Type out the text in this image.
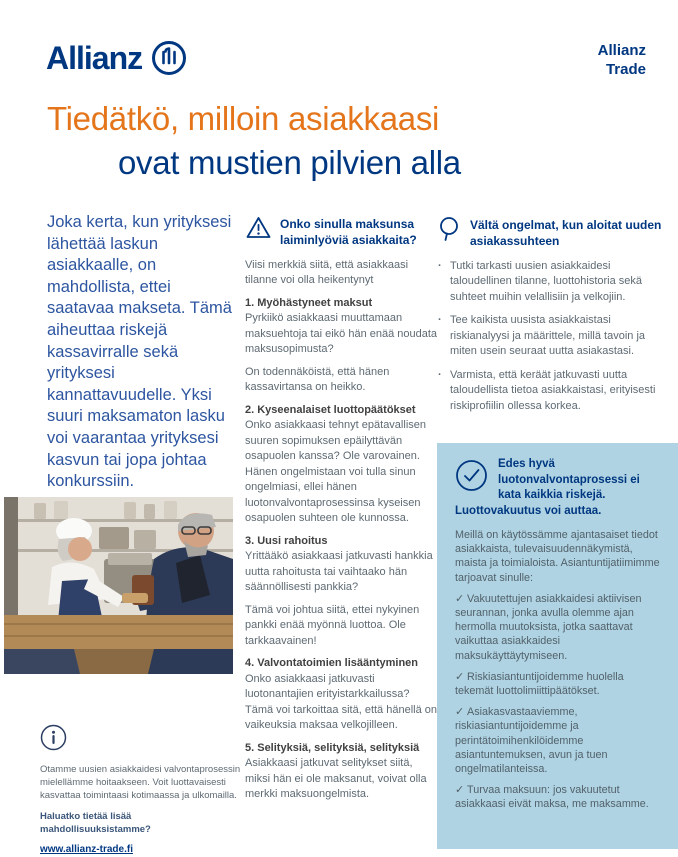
Allianz	Allianz
Trade
Tiedätkö, milloin asiakkaasi
ovat mustien pilvien alla
Joka kerta, kun yrityksesi lähettää laskun asiakkaalle, on mahdollista, ettei saatavaa makseta. Tämä aiheuttaa riskejä kassavirralle sekä yrityksesi kannattavuudelle. Yksi suuri maksamaton lasku voi vaarantaa yrityksesi kasvun tai jopa johtaa konkurssiin.

Otamme uusien asiakkaidesi valvontaprosessin mielellämme hoitaakseen. Voit luottavaisesti kasvattaa toimintaasi kotimaassa ja ulkomailla.

Haluatko tietää lisää mahdollisuuksistamme?

www.allianz-trade.fi
Onko sinulla maksunsa laiminlyöviä asiakkaita?

Viisi merkkiä siitä, että asiakkaasi tilanne voi olla heikentynyt

1. Myöhästyneet maksut

Pyrkiikö asiakkaasi muuttamaan maksuehtoja tai eikö hän enää noudata maksusopimusta?

On todennäköistä, että hänen kassavirtansa on heikko.

2. Kyseenalaiset luottopäätökset

Onko asiakkaasi tehnyt epätavallisen suuren sopimuksen epäilyttävän osapuolen kanssa? Ole varovainen. Hänen ongelmistaan voi tulla sinun ongelmiasi, ellei hänen luotonvalvontaprosessinsa kyseisen osapuolen suhteen ole kunnossa.

3. Uusi rahoitus

Yrittääkö asiakkaasi jatkuvasti hankkia uutta rahoitusta tai vaihtaako hän säännöllisesti pankkia?

Tämä voi johtua siitä, ettei nykyinen pankki enää myönnä luottoa. Ole tarkkaavainen!

4. Valvontatoimien lisääntyminen

Onko asiakkaasi jatkuvasti luotonantajien erityistarkkailussa? Tämä voi tarkoittaa sitä, että hänellä on vaikeuksia maksaa velkojilleen.

5. Selityksiä, selityksiä, selityksiä

Asiakkaasi jatkuvat selitykset siitä, miksi hän ei ole maksanut, voivat olla merkki maksuongelmista.

Vältä ongelmat, kun aloitat uuden asiakassuhteen
· Tutki tarkasti uusien asiakkaidesi taloudellinen tilanne, luottohistoria sekä suhteet muihin velallisiin ja velkojiin.
· Tee kaikista uusista asiakkaistasi riskianalyysi ja määrittele, millä tavoin ja miten usein seuraat uutta asiakastasi.
· Varmista, että keräät jatkuvasti uutta taloudellista tietoa asiakkaistasi, erityisesti riskiprofiilin ollessa korkea.
Edes hyvä luotonvalvontaprosessi ei kata kaikkia riskejä. Luottovakuutus voi auttaa.

Meillä on käytössämme ajantasaiset tiedot asiakkaista, tulevaisuudennäkymistä, maista ja toimialoista. Asiantuntijatiimimme tarjoavat sinulle:

✓ Vakuutettujen asiakkaidesi aktiivisen seurannan, jonka avulla olemme ajan hermolla muutoksista, jotka saattavat vaikuttaa asiakkaidesi maksukäyttäytymiseen.

✓ Riskiasiantuntijoidemme huolella tekemät luottolimiittipäätökset.

✓ Asiakasvastaaviemme, riskiasiantuntijoidemme ja perintätoimihenkilöidemme asiantuntemuksen, avun ja tuen ongelmatilanteissa.

✓ Turvaa maksuun: jos vakuutetut asiakkaasi eivät maksa, me maksamme.
